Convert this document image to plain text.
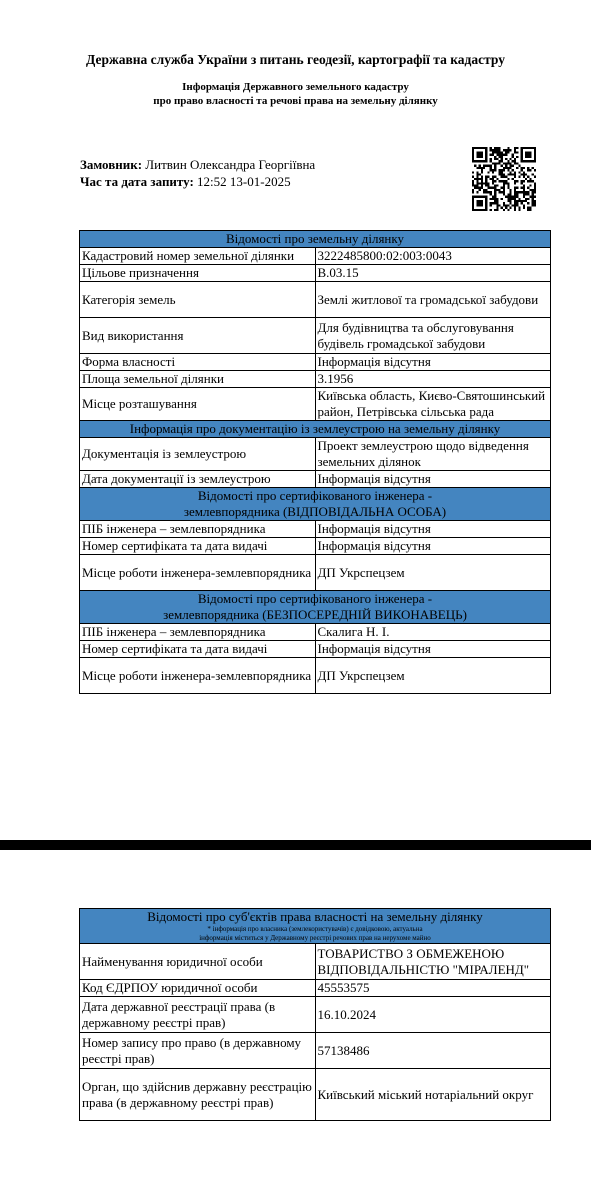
Державна служба України з питань геодезії, картографії та кадастру
Інформація Державного земельного кадастру
про право власності та речові права на земельну ділянку
Замовник: Литвин Олександра Георгіївна
Час та дата запиту: 12:52 13-01-2025
Відомості про земельну ділянку	
Кадастровий номер земельної ділянки	3222485800:02:003:0043
Цільове призначення	В.03.15
Категорія земель	Землі житлової та громадської забудови
Вид використання	Для будівництва та обслуговування будівель громадської забудови
Форма власності	Інформація відсутня
Площа земельної ділянки	3.1956
Місце розташування	Київська область, Києво-Святошинський район, Петрівська сільська рада
Інформація про документацію із землеустрою на земельну ділянку	
Документація із землеустрою	Проект землеустрою щодо відведення земельних ділянок
Дата документації із землеустрою	Інформація відсутня
Відомості про сертифікованого інженера -
землевпорядника (ВІДПОВІДАЛЬНА ОСОБА)	
ПІБ інженера – землевпорядника	Інформація відсутня
Номер сертифіката та дата видачі	Інформація відсутня
Місце роботи інженера-землевпорядника	ДП Укрспецзем
Відомості про сертифікованого інженера -
землевпорядника (БЕЗПОСЕРЕДНІЙ ВИКОНАВЕЦЬ)	
ПІБ інженера – землевпорядника	Скалига Н. І.
Номер сертифіката та дата видачі	Інформація відсутня
Місце роботи інженера-землевпорядника	ДП Укрспецзем
Відомості про суб'єктів права власності на земельну ділянку
* інформація про власника (землекористувачів) є довідковою, актуальна
інформація міститься у Державному реєстрі речових прав на нерухоме майно	

Найменування юридичної особи	ТОВАРИСТВО З ОБМЕЖЕНОЮ ВІДПОВІДАЛЬНІСТЮ "МІРАЛЕНД"
Код ЄДРПОУ юридичної особи	45553575
Дата державної реєстрації права (в державному реєстрі прав)	16.10.2024
Номер запису про право (в державному реєстрі прав)	57138486
Орган, що здійснив державну реєстрацію права (в державному реєстрі прав)	Київський міський нотаріальний округ
